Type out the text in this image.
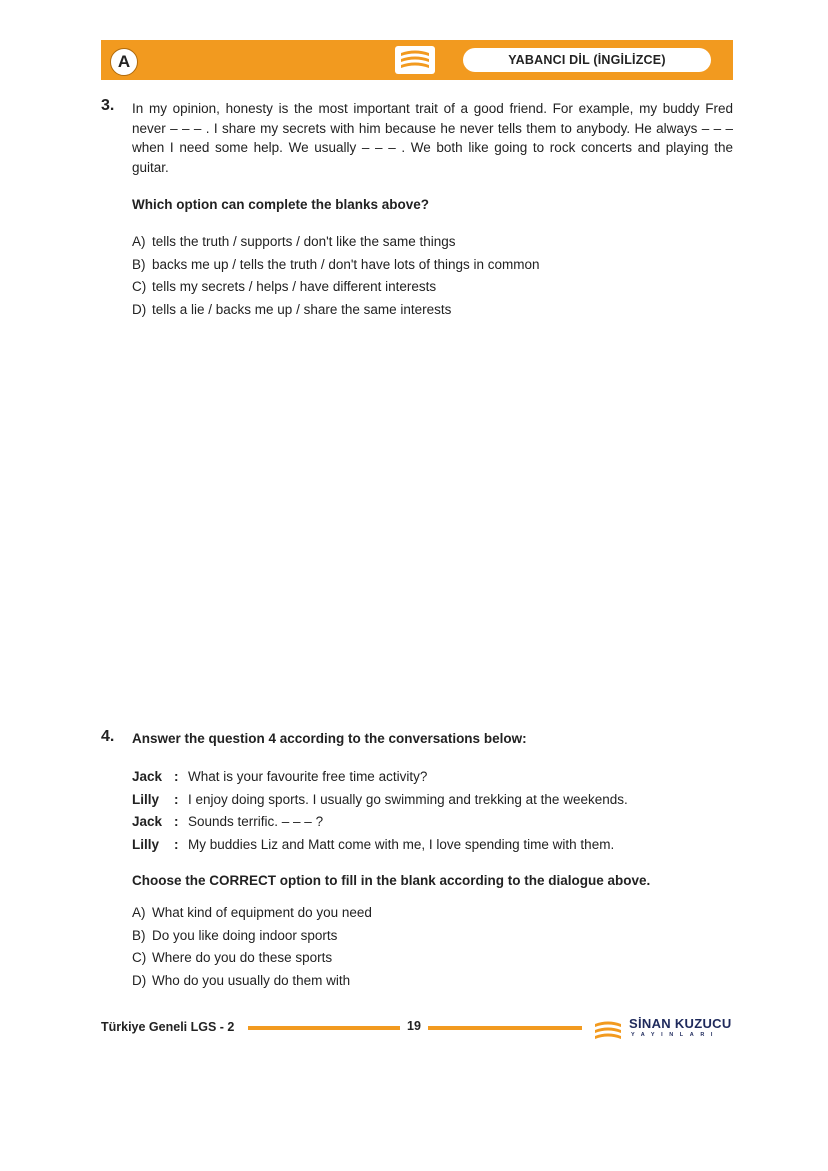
A	YABANCI DİL (İNGİLİZCE)
3. In my opinion, honesty is the most important trait of a good friend. For example, my buddy Fred never – – – . I share my secrets with him because he never tells them to anybody. He always – – – when I need some help. We usually – – – . We both like going to rock concerts and playing the guitar.
Which option can complete the blanks above?
A) tells the truth / supports / don't like the same things
B) backs me up / tells the truth / don't have lots of things in common
C) tells my secrets / helps / have different interests
D) tells a lie / backs me up / share the same interests
4. Answer the question 4 according to the conversations below:
Jack : What is your favourite free time activity?
Lilly : I enjoy doing sports. I usually go swimming and trekking at the weekends.
Jack : Sounds terrific. – – – ?
Lilly : My buddies Liz and Matt come with me, I love spending time with them.
Choose the CORRECT option to fill in the blank according to the dialogue above.
A) What kind of equipment do you need
B) Do you like doing indoor sports
C) Where do you do these sports
D) Who do you usually do them with
Türkiye Geneli LGS - 2	19	SİNAN KUZUCU
YAYINLARI
